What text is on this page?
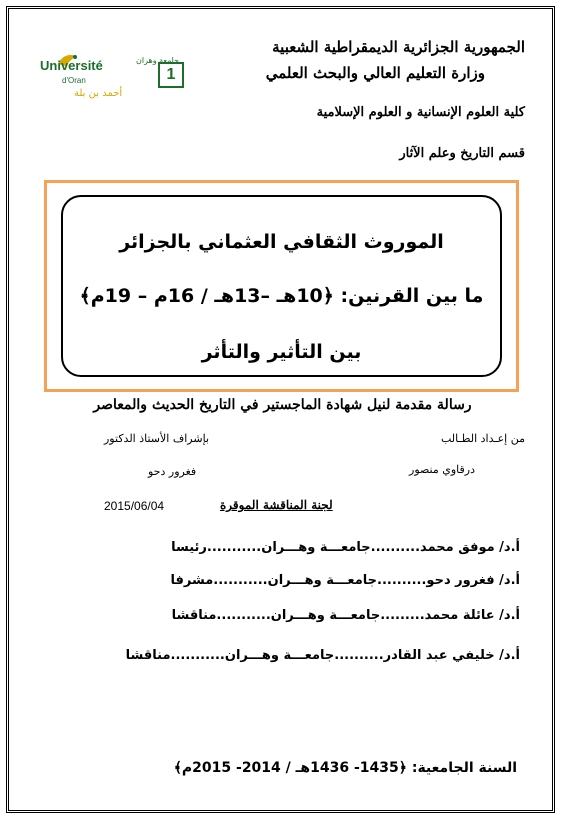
Université
d'Oran
جامعة وهران
1
أحمد بن بلة
الجمهورية الجزائرية الديمقراطية الشعبية
وزارة التعليم العالي والبحث العلمي
كلية العلوم الإنسانية و العلوم الإسلامية
قسم التاريخ وعلم الآثار
الموروث الثقافي العثماني بالجزائر
ما بين القرنين: ﴿10هـ –13هـ / 16م – 19م﴾
بين التأثير والتأثر
رسالة مقدمة لنيل شهادة الماجستير في التاريخ الحديث والمعاصر
من إعـداد الطـالب
بإشراف الأستاذ الدكتور
درقاوي منصور
فغرور دحو
2015/06/04	لجنة المناقشة الموقرة
أ.د/ موفق محمد..........جامعـــة وهـــران...........رئيسا
أ.د/ فغرور دحو..........جامعـــة وهـــران...........مشرفا
أ.د/ عائلة محمد.........جامعـــة وهـــران...........مناقشا
أ.د/ خليفي عبد القادر..........جامعـــة وهـــران...........مناقشا
السنة الجامعية: ﴿1435- 1436هـ / 2014- 2015م﴾
